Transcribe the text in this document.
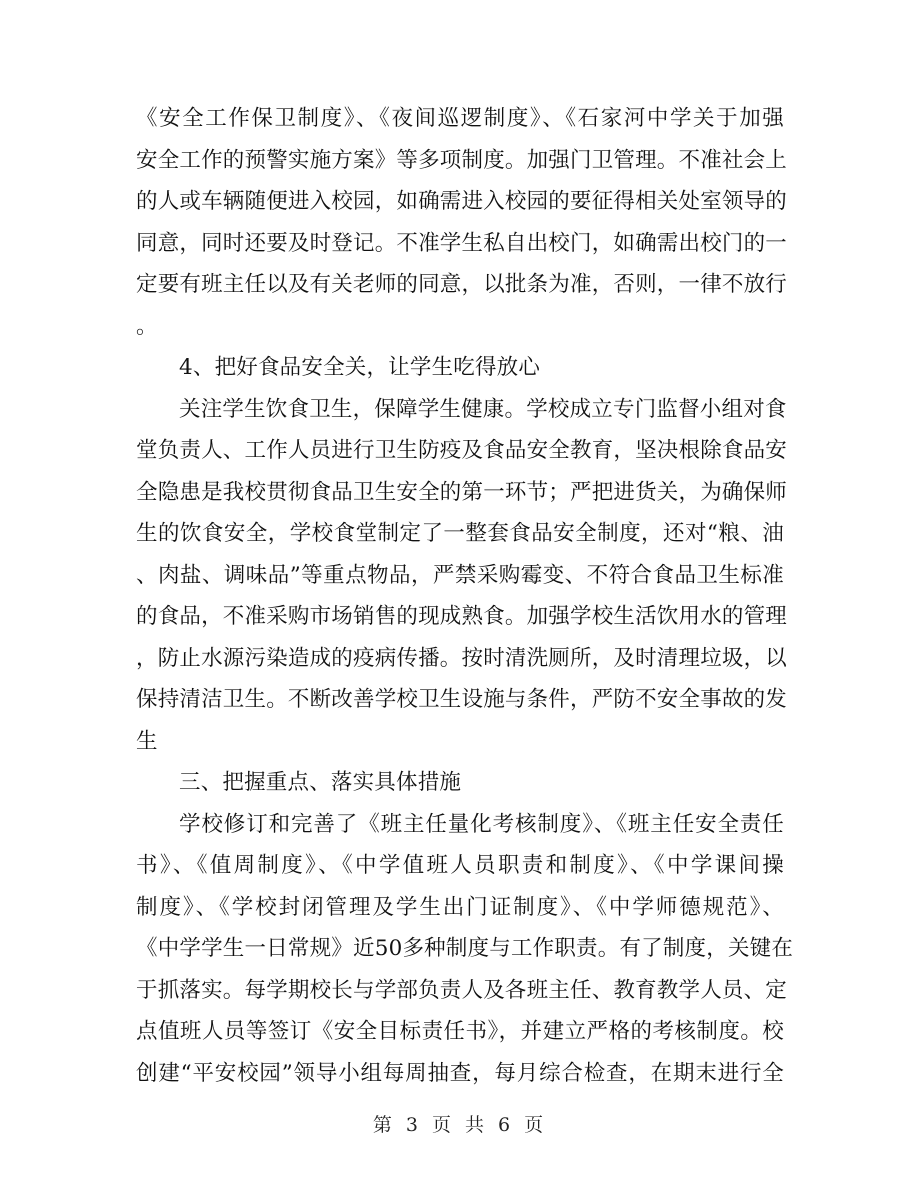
《安全工作保卫制度》、《夜间巡逻制度》、《石家河中学关于加强
安全工作的预警实施方案》等多项制度。加强门卫管理。不准社会上
的人或车辆随便进入校园，如确需进入校园的要征得相关处室领导的
同意，同时还要及时登记。不准学生私自出校门，如确需出校门的一
定要有班主任以及有关老师的同意，以批条为准，否则，一律不放行
。
4、把好食品安全关，让学生吃得放心
关注学生饮食卫生，保障学生健康。学校成立专门监督小组对食
堂负责人、工作人员进行卫生防疫及食品安全教育，坚决根除食品安
全隐患是我校贯彻食品卫生安全的第一环节；严把进货关，为确保师
生的饮食安全，学校食堂制定了一整套食品安全制度，还对“粮、油
、肉盐、调味品”等重点物品，严禁采购霉变、不符合食品卫生标准
的食品，不准采购市场销售的现成熟食。加强学校生活饮用水的管理
，防止水源污染造成的疫病传播。按时清洗厕所，及时清理垃圾，以
保持清洁卫生。不断改善学校卫生设施与条件，严防不安全事故的发
生
三、把握重点、落实具体措施
学校修订和完善了《班主任量化考核制度》、《班主任安全责任
书》、《值周制度》、《中学值班人员职责和制度》、《中学课间操
制度》、《学校封闭管理及学生出门证制度》、《中学师德规范》、
《中学学生一日常规》近50多种制度与工作职责。有了制度，关键在
于抓落实。每学期校长与学部负责人及各班主任、教育教学人员、定
点值班人员等签订《安全目标责任书》，并建立严格的考核制度。校
创建“平安校园”领导小组每周抽查，每月综合检查，在期末进行全
第 3 页 共 6 页
